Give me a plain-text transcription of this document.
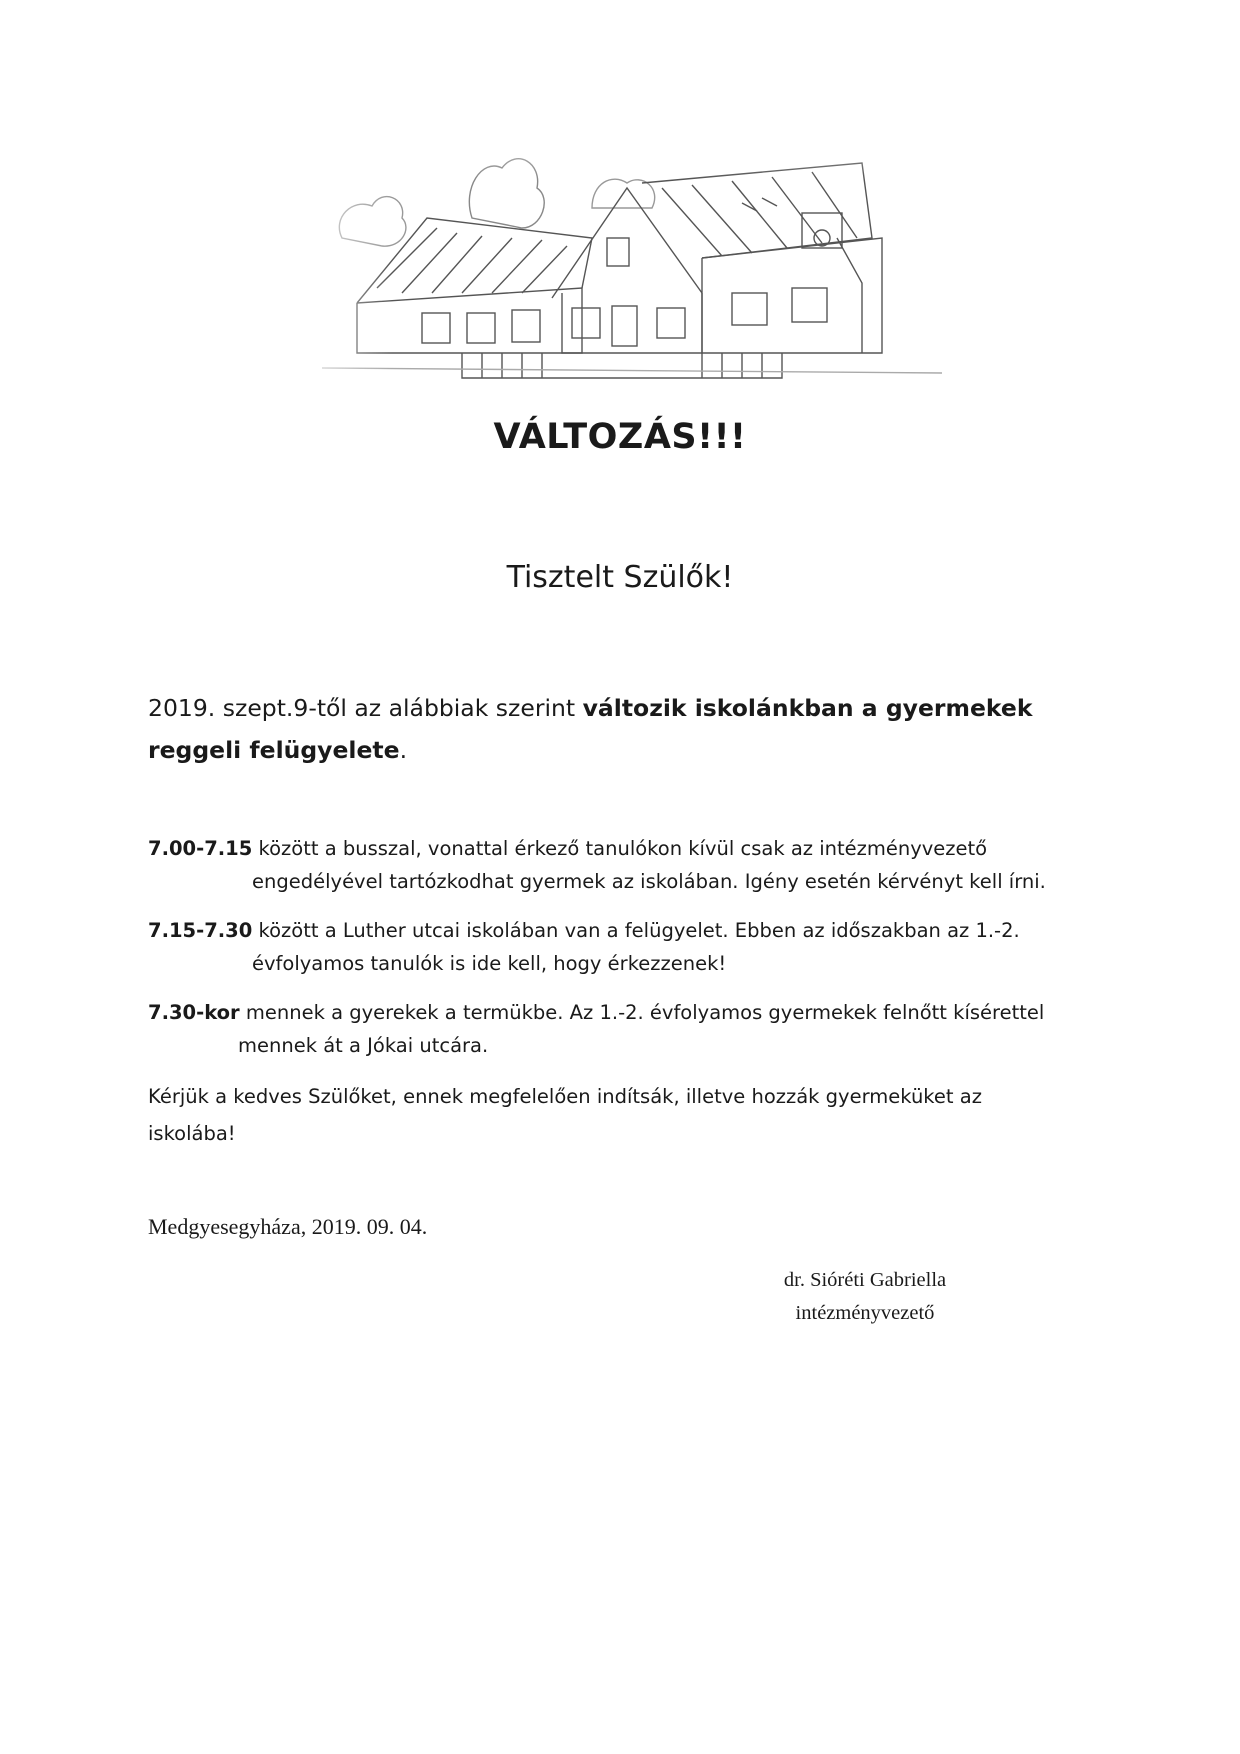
VÁLTOZÁS!!!
Tisztelt Szülők!
2019. szept.9-től az alábbiak szerint változik iskolánkban a gyermekek reggeli felügyelete.
7.00-7.15 között a busszal, vonattal érkező tanulókon kívül csak az intézményvezető
engedélyével tartózkodhat gyermek az iskolában. Igény esetén kérvényt kell írni.
7.15-7.30 között a Luther utcai iskolában van a felügyelet. Ebben az időszakban az 1.-2.
évfolyamos tanulók is ide kell, hogy érkezzenek!
7.30-kor mennek a gyerekek a termükbe. Az 1.-2. évfolyamos gyermekek felnőtt kísérettel
mennek át a Jókai utcára.
Kérjük a kedves Szülőket, ennek megfelelően indítsák, illetve hozzák gyermeküket az iskolába!
Medgyesegyháza, 2019. 09. 04.
dr. Sióréti Gabriella
intézményvezető
